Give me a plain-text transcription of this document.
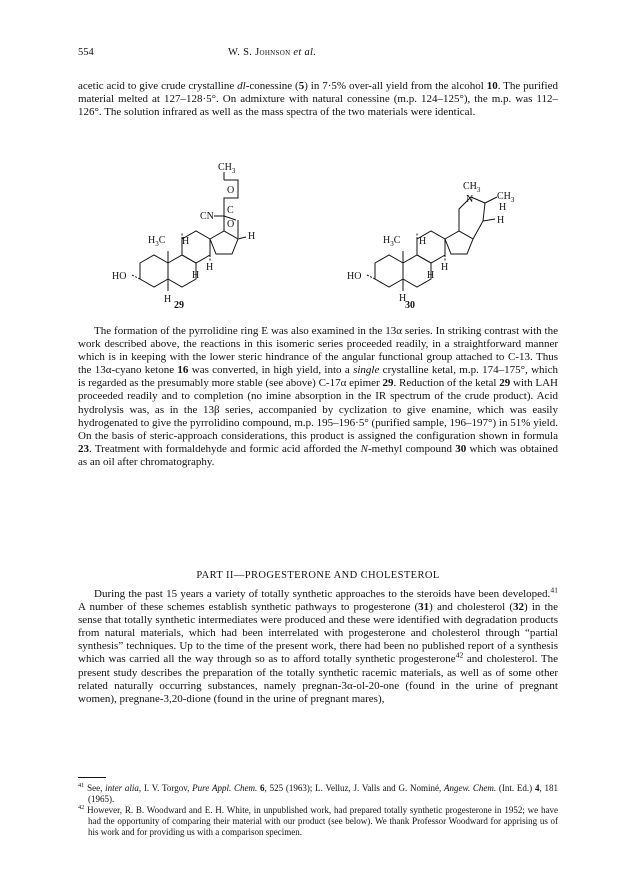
554	W. S. Johnson et al.

acetic acid to give crude crystalline dl-conessine (5) in 7·5% over-all yield from the alcohol 10. The purified material melted at 127–128·5°. On admixture with natural conessine (m.p. 124–125°), the m.p. was 112–126°. The solution infrared as well as the mass spectra of the two materials were identical.

$CH_3$
O
C
O
CN
$H_3C$ H	H
H
H
H
HO
29
$CH_3$
N $CH_3$
H
H
$H_3C$ H
H
H
H
HO
30

The formation of the pyrrolidine ring E was also examined in the 13α series. In striking contrast with the work described above, the reactions in this isomeric series proceeded readily, in a straightforward manner which is in keeping with the lower steric hindrance of the angular functional group attached to C-13. Thus the 13α-cyano ketone 16 was converted, in high yield, into a single crystalline ketal, m.p. 174–175°, which is regarded as the presumably more stable (see above) C-17α epimer 29. Reduction of the ketal 29 with LAH proceeded readily and to completion (no imine absorption in the IR spectrum of the crude product). Acid hydrolysis was, as in the 13β series, accompanied by cyclization to give enamine, which was easily hydrogenated to give the pyrrolidino compound, m.p. 195–196·5° (purified sample, 196–197°) in 51% yield. On the basis of steric-approach considerations, this product is assigned the configuration shown in formula 23. Treatment with formaldehyde and formic acid afforded the N-methyl compound 30 which was obtained as an oil after chromatography.

PART II—PROGESTERONE AND CHOLESTEROL

During the past 15 years a variety of totally synthetic approaches to the steroids have been developed.$^{41}$ A number of these schemes establish synthetic pathways to progesterone (31) and cholesterol (32) in the sense that totally synthetic intermediates were produced and these were identified with degradation products from natural materials, which had been interrelated with progesterone and cholesterol through “partial synthesis” techniques. Up to the time of the present work, there had been no published report of a synthesis which was carried all the way through so as to afford totally synthetic progesterone$^{42}$ and cholesterol. The present study describes the preparation of the totally synthetic racemic materials, as well as of some other related naturally occurring substances, namely pregnan-3α-ol-20-one (found in the urine of pregnant women), pregnane-3,20-dione (found in the urine of pregnant mares),

$^{41}$ See, inter alia, I. V. Torgov, Pure Appl. Chem. 6, 525 (1963); L. Velluz, J. Valls and G. Nominé, Angew. Chem. (Int. Ed.) 4, 181 (1965).

$^{42}$ However, R. B. Woodward and E. H. White, in unpublished work, had prepared totally synthetic progesterone in 1952; we have had the opportunity of comparing their material with our product (see below). We thank Professor Woodward for apprising us of his work and for providing us with a comparison specimen.
